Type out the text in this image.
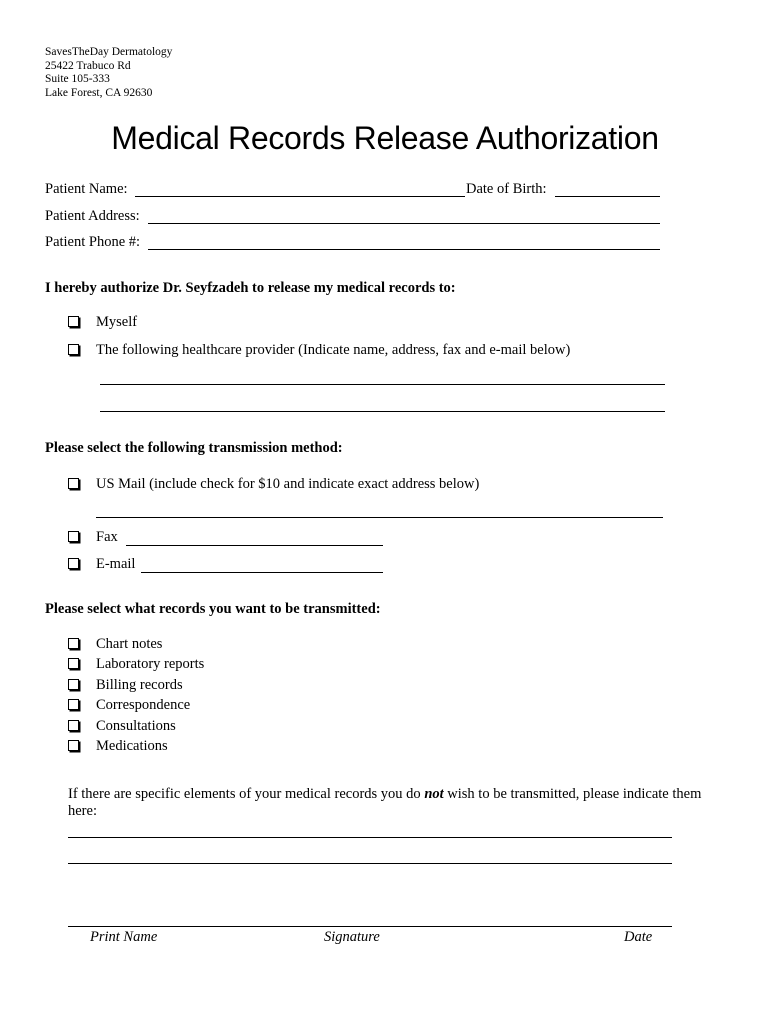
SavesTheDay Dermatology
25422 Trabuco Rd
Suite 105-333
Lake Forest, CA 92630
Medical Records Release Authorization
Patient Name:	Date of Birth:
Patient Address:
Patient Phone #:
I hereby authorize Dr. Seyfzadeh to release my medical records to:
Myself
The following healthcare provider (Indicate name, address, fax and e-mail below)
Please select the following transmission method:
US Mail (include check for $10 and indicate exact address below)
Fax
E-mail
Please select what records you want to be transmitted:
Chart notes
Laboratory reports
Billing records
Correspondence
Consultations
Medications
If there are specific elements of your medical records you do not wish to be transmitted, please indicate them here:
Print Name	Signature	Date
